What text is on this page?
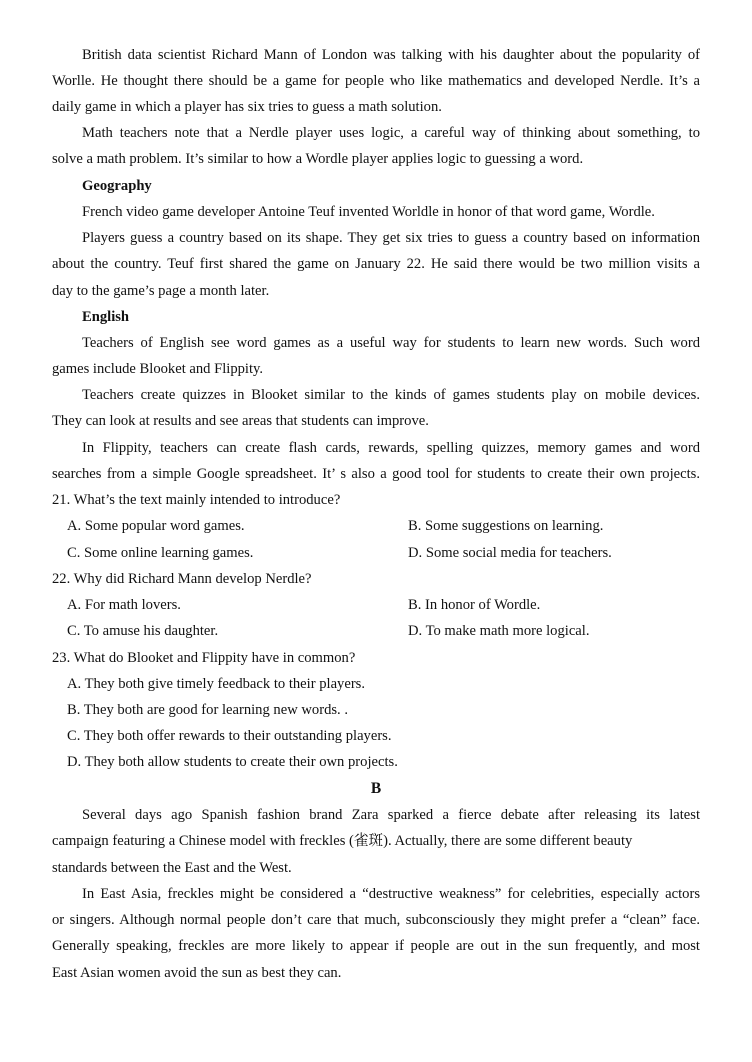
British data scientist Richard Mann of London was talking with his daughter about the popularity of
Worlle. He thought there should be a game for people who like mathematics and developed Nerdle. It’s a
daily game in which a player has six tries to guess a math solution.
Math teachers note that a Nerdle player uses logic, a careful way of thinking about something, to
solve a math problem. It’s similar to how a Wordle player applies logic to guessing a word.
Geography
French video game developer Antoine Teuf invented Worldle in honor of that word game, Wordle.
Players guess a country based on its shape. They get six tries to guess a country based on information
about the country. Teuf first shared the game on January 22. He said there would be two million visits a
day to the game’s page a month later.
English
Teachers of English see word games as a useful way for students to learn new words. Such word
games include Blooket and Flippity.
Teachers create quizzes in Blooket similar to the kinds of games students play on mobile devices.
They can look at results and see areas that students can improve.
In Flippity, teachers can create flash cards, rewards, spelling quizzes, memory games and word
searches from a simple Google spreadsheet. It’ s also a good tool for students to create their own projects.
21. What’s the text mainly intended to introduce?
A. Some popular word games.	B. Some suggestions on learning.
C. Some online learning games.	D. Some social media for teachers.
22. Why did Richard Mann develop Nerdle?
A. For math lovers.	B. In honor of Wordle.
C. To amuse his daughter.	D. To make math more logical.
23. What do Blooket and Flippity have in common?
A. They both give timely feedback to their players.
B. They both are good for learning new words. .
C. They both offer rewards to their outstanding players.
D. They both allow students to create their own projects.
B
Several days ago Spanish fashion brand Zara sparked a fierce debate after releasing its latest
campaign featuring a Chinese model with freckles (雀斑). Actually, there are some different beauty
standards between the East and the West.
In East Asia, freckles might be considered a “destructive weakness” for celebrities, especially actors
or singers. Although normal people don’t care that much, subconsciously they might prefer a “clean” face.
Generally speaking, freckles are more likely to appear if people are out in the sun frequently, and most
East Asian women avoid the sun as best they can.
